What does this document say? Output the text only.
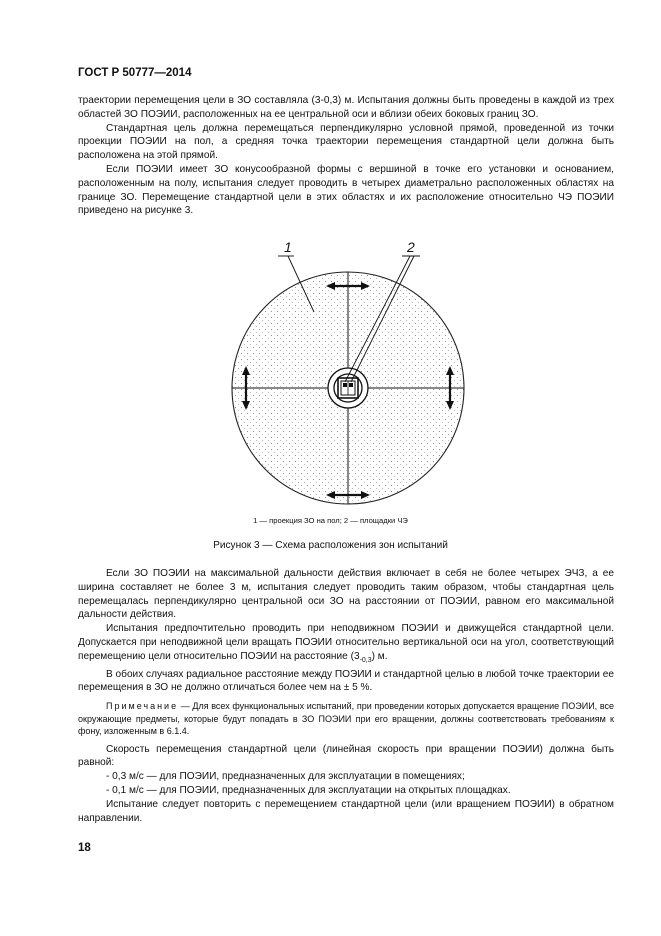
ГОСТ Р 50777—2014

траектории перемещения цели в ЗО составляла (3-0,3) м. Испытания должны быть проведены в каждой из трех областей ЗО ПОЭИИ, расположенных на ее центральной оси и вблизи обеих боковых границ ЗО.

Стандартная цель должна перемещаться перпендикулярно условной прямой, проведенной из точки проекции ПОЭИИ на пол, а средняя точка траектории перемещения стандартной цели должна быть расположена на этой прямой.

Если ПОЭИИ имеет ЗО конусообразной формы с вершиной в точке его установки и основанием, расположенным на полу, испытания следует проводить в четырех диаметрально расположенных областях на границе ЗО. Перемещение стандартной цели в этих областях и их расположение относительно ЧЭ ПОЭИИ приведено на рисунке 3.

1	2
1 — проекция ЗО на пол; 2 — площадки ЧЭ
Рисунок 3 — Схема расположения зон испытаний

Если ЗО ПОЭИИ на максимальной дальности действия включает в себя не более четырех ЭЧЗ, а ее ширина составляет не более 3 м, испытания следует проводить таким образом, чтобы стандартная цель перемещалась перпендикулярно центральной оси ЗО на расстоянии от ПОЭИИ, равном его максимальной дальности действия.

Испытания предпочтительно проводить при неподвижном ПОЭИИ и движущейся стандартной цели. Допускается при неподвижной цели вращать ПОЭИИ относительно вертикальной оси на угол, соответствующий перемещению цели относительно ПОЭИИ на расстояние $(3_{-0,3})$ м.

В обоих случаях радиальное расстояние между ПОЭИИ и стандартной целью в любой точке траектории ее перемещения в ЗО не должно отличаться более чем на ± 5 %.

Примечание — Для всех функциональных испытаний, при проведении которых допускается вращение ПОЭИИ, все окружающие предметы, которые будут попадать в ЗО ПОЭИИ при его вращении, должны соответствовать требованиям к фону, изложенным в 6.1.4.

Скорость перемещения стандартной цели (линейная скорость при вращении ПОЭИИ) должна быть равной:

- 0,3 м/с — для ПОЭИИ, предназначенных для эксплуатации в помещениях;

- 0,1 м/с — для ПОЭИИ, предназначенных для эксплуатации на открытых площадках.

Испытание следует повторить с перемещением стандартной цели (или вращением ПОЭИИ) в обратном направлении.

18
